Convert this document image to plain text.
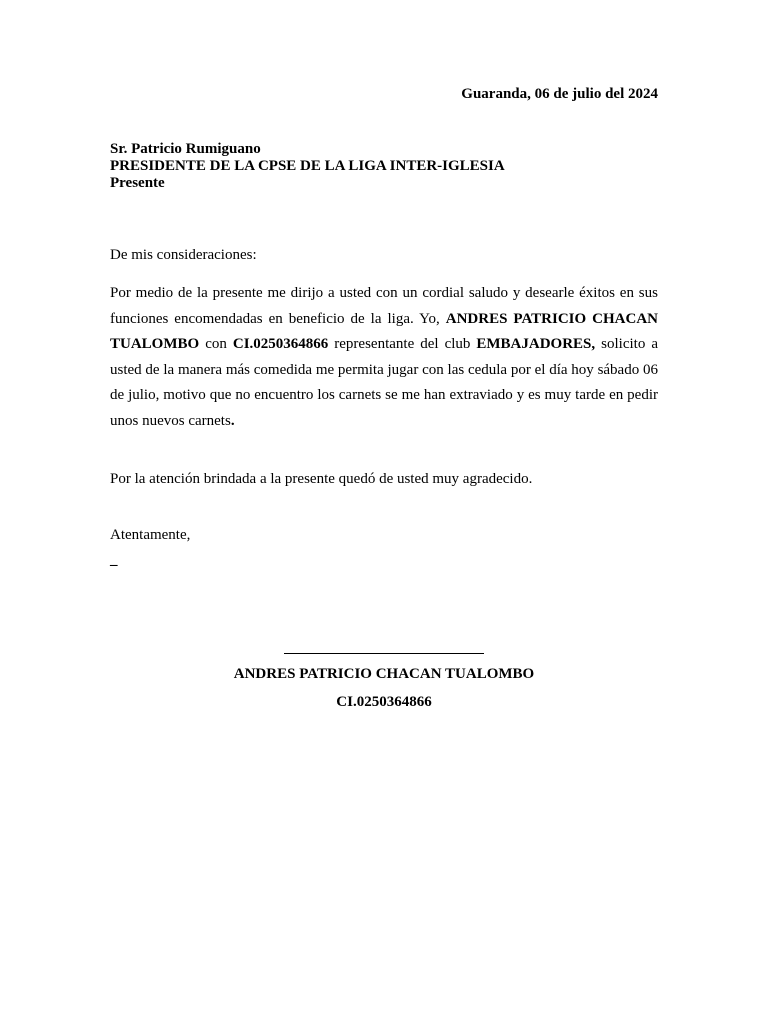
Guaranda, 06 de julio del 2024
Sr. Patricio Rumiguano
PRESIDENTE DE LA CPSE DE LA LIGA INTER-IGLESIA
Presente
De mis consideraciones:

Por medio de la presente me dirijo a usted con un cordial saludo y desearle éxitos en sus funciones encomendadas en beneficio de la liga. Yo, ANDRES PATRICIO CHACAN TUALOMBO con CI.0250364866 representante del club EMBAJADORES, solicito a usted de la manera más comedida me permita jugar con las cedula por el día hoy sábado 06 de julio, motivo que no encuentro los carnets se me han extraviado y es muy tarde en pedir unos nuevos carnets.

Por la atención brindada a la presente quedó de usted muy agradecido.
Atentamente,
_
ANDRES PATRICIO CHACAN TUALOMBO
CI.0250364866
